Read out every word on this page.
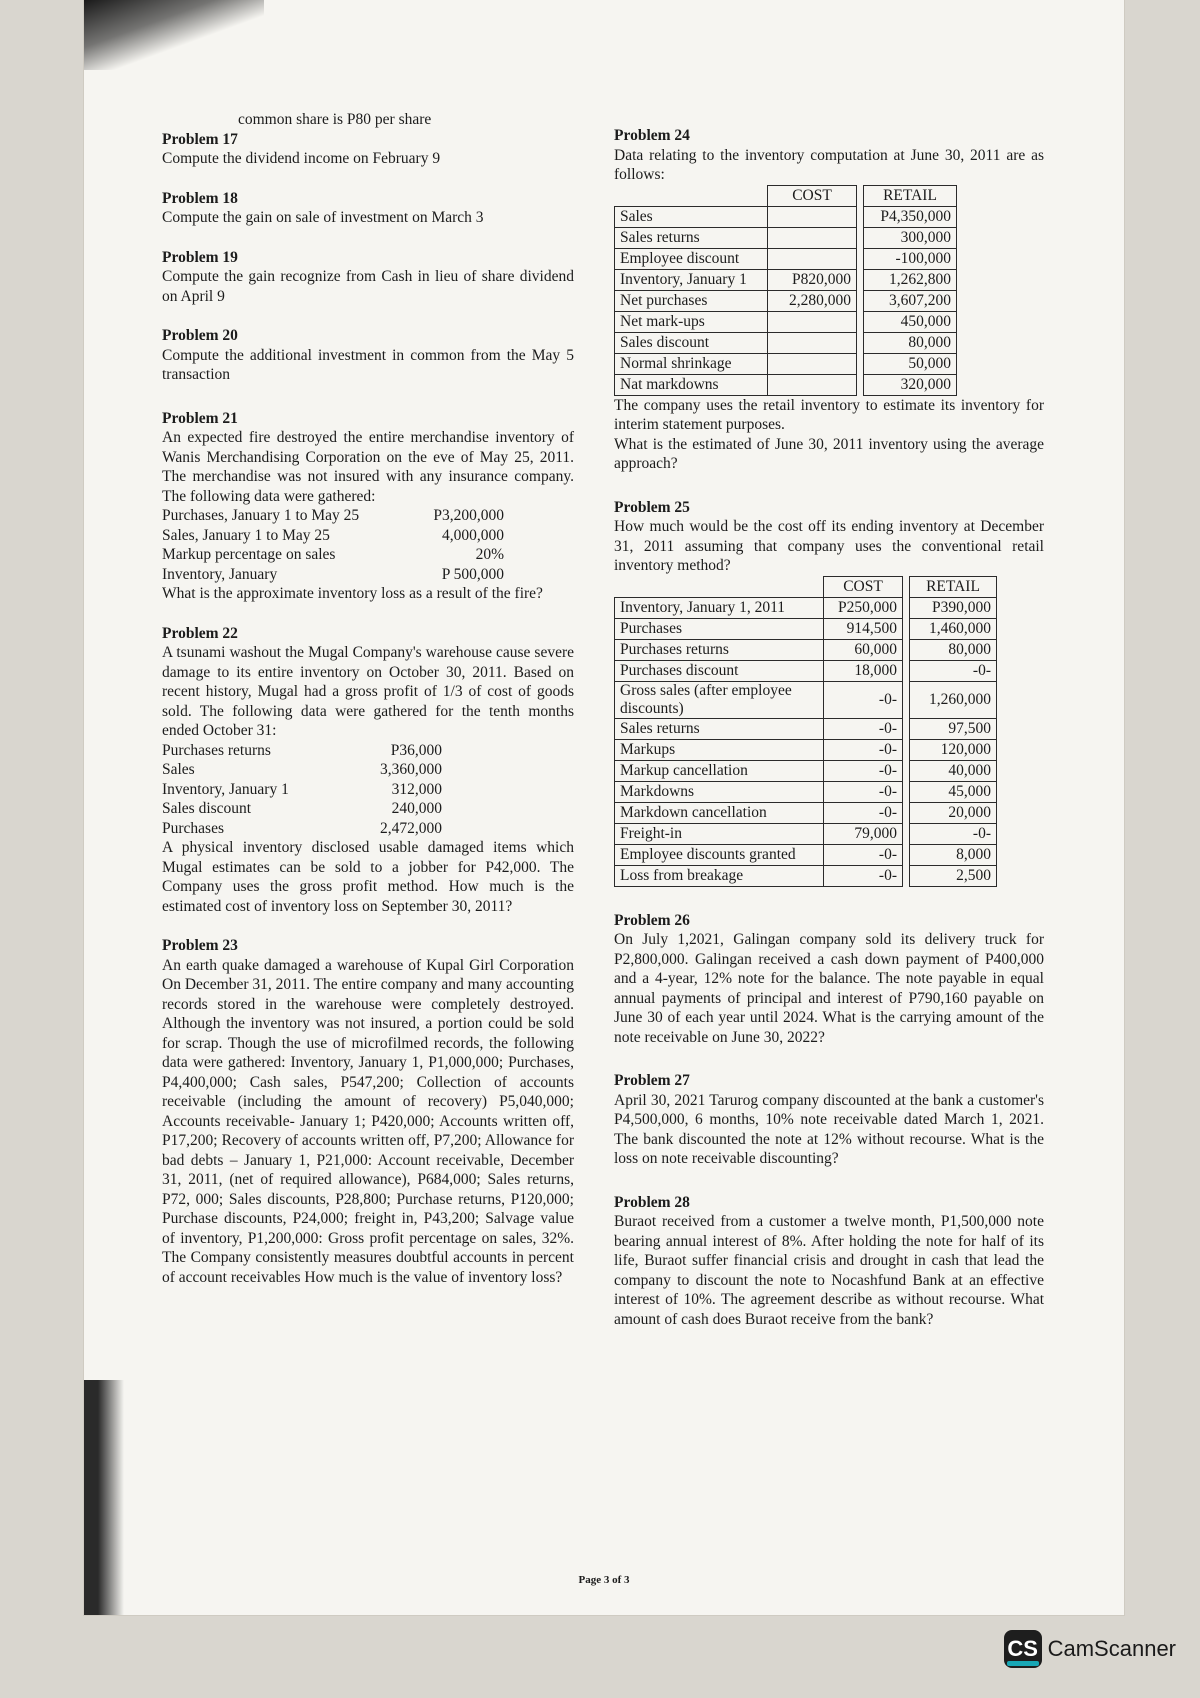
common share is P80 per share

Problem 17

Compute the dividend income on February 9

Problem 18

Compute the gain on sale of investment on March 3

Problem 19

Compute the gain recognize from Cash in lieu of share dividend on April 9

Problem 20

Compute the additional investment in common from the May 5 transaction

Problem 21

An expected fire destroyed the entire merchandise inventory of Wanis Merchandising Corporation on the eve of May 25, 2011. The merchandise was not insured with any insurance company. The following data were gathered:

Purchases, January 1 to May 25	P3,200,000
Sales, January 1 to May 25	4,000,000
Markup percentage on sales	20%
Inventory, January	P 500,000

What is the approximate inventory loss as a result of the fire?

Problem 22

A tsunami washout the Mugal Company's warehouse cause severe damage to its entire inventory on October 30, 2011. Based on recent history, Mugal had a gross profit of 1/3 of cost of goods sold. The following data were gathered for the tenth months ended October 31:

Purchases returns	P36,000
Sales	3,360,000
Inventory, January 1	312,000
Sales discount	240,000
Purchases	2,472,000

A physical inventory disclosed usable damaged items which Mugal estimates can be sold to a jobber for P42,000. The Company uses the gross profit method. How much is the estimated cost of inventory loss on September 30, 2011?

Problem 23

An earth quake damaged a warehouse of Kupal Girl Corporation On December 31, 2011. The entire company and many accounting records stored in the warehouse were completely destroyed. Although the inventory was not insured, a portion could be sold for scrap. Though the use of microfilmed records, the following data were gathered: Inventory, January 1, P1,000,000; Purchases, P4,400,000; Cash sales, P547,200; Collection of accounts receivable (including the amount of recovery) P5,040,000; Accounts receivable- January 1; P420,000; Accounts written off, P17,200; Recovery of accounts written off, P7,200; Allowance for bad debts – January 1, P21,000: Account receivable, December 31, 2011, (net of required allowance), P684,000; Sales returns, P72, 000; Sales discounts, P28,800; Purchase returns, P120,000; Purchase discounts, P24,000; freight in, P43,200; Salvage value of inventory, P1,200,000: Gross profit percentage on sales, 32%. The Company consistently measures doubtful accounts in percent of account receivables How much is the value of inventory loss?

Problem 24

Data relating to the inventory computation at June 30, 2011 are as follows:

	COST		RETAIL
Sales			P4,350,000
Sales returns			300,000
Employee discount			-100,000
Inventory, January 1	P820,000		1,262,800
Net purchases	2,280,000		3,607,200
Net mark-ups			450,000
Sales discount			80,000
Normal shrinkage			50,000
Nat markdowns			320,000

The company uses the retail inventory to estimate its inventory for interim statement purposes.

What is the estimated of June 30, 2011 inventory using the average approach?

Problem 25

How much would be the cost off its ending inventory at December 31, 2011 assuming that company uses the conventional retail inventory method?

	COST		RETAIL
Inventory, January 1, 2011	P250,000		P390,000
Purchases	914,500		1,460,000
Purchases returns	60,000		80,000
Purchases discount	18,000		-0-
Gross sales (after employee discounts)	-0-		1,260,000
Sales returns	-0-		97,500
Markups	-0-		120,000
Markup cancellation	-0-		40,000
Markdowns	-0-		45,000
Markdown cancellation	-0-		20,000
Freight-in	79,000		-0-
Employee discounts granted	-0-		8,000
Loss from breakage	-0-		2,500

Problem 26

On July 1,2021, Galingan company sold its delivery truck for P2,800,000. Galingan received a cash down payment of P400,000 and a 4-year, 12% note for the balance. The note payable in equal annual payments of principal and interest of P790,160 payable on June 30 of each year until 2024. What is the carrying amount of the note receivable on June 30, 2022?

Problem 27

April 30, 2021 Tarurog company discounted at the bank a customer's P4,500,000, 6 months, 10% note receivable dated March 1, 2021. The bank discounted the note at 12% without recourse. What is the loss on note receivable discounting?

Problem 28

Buraot received from a customer a twelve month, P1,500,000 note bearing annual interest of 8%. After holding the note for half of its life, Buraot suffer financial crisis and drought in cash that lead the company to discount the note to Nocashfund Bank at an effective interest of 10%. The agreement describe as without recourse. What amount of cash does Buraot receive from the bank?

Page 3 of 3
CS CamScanner
